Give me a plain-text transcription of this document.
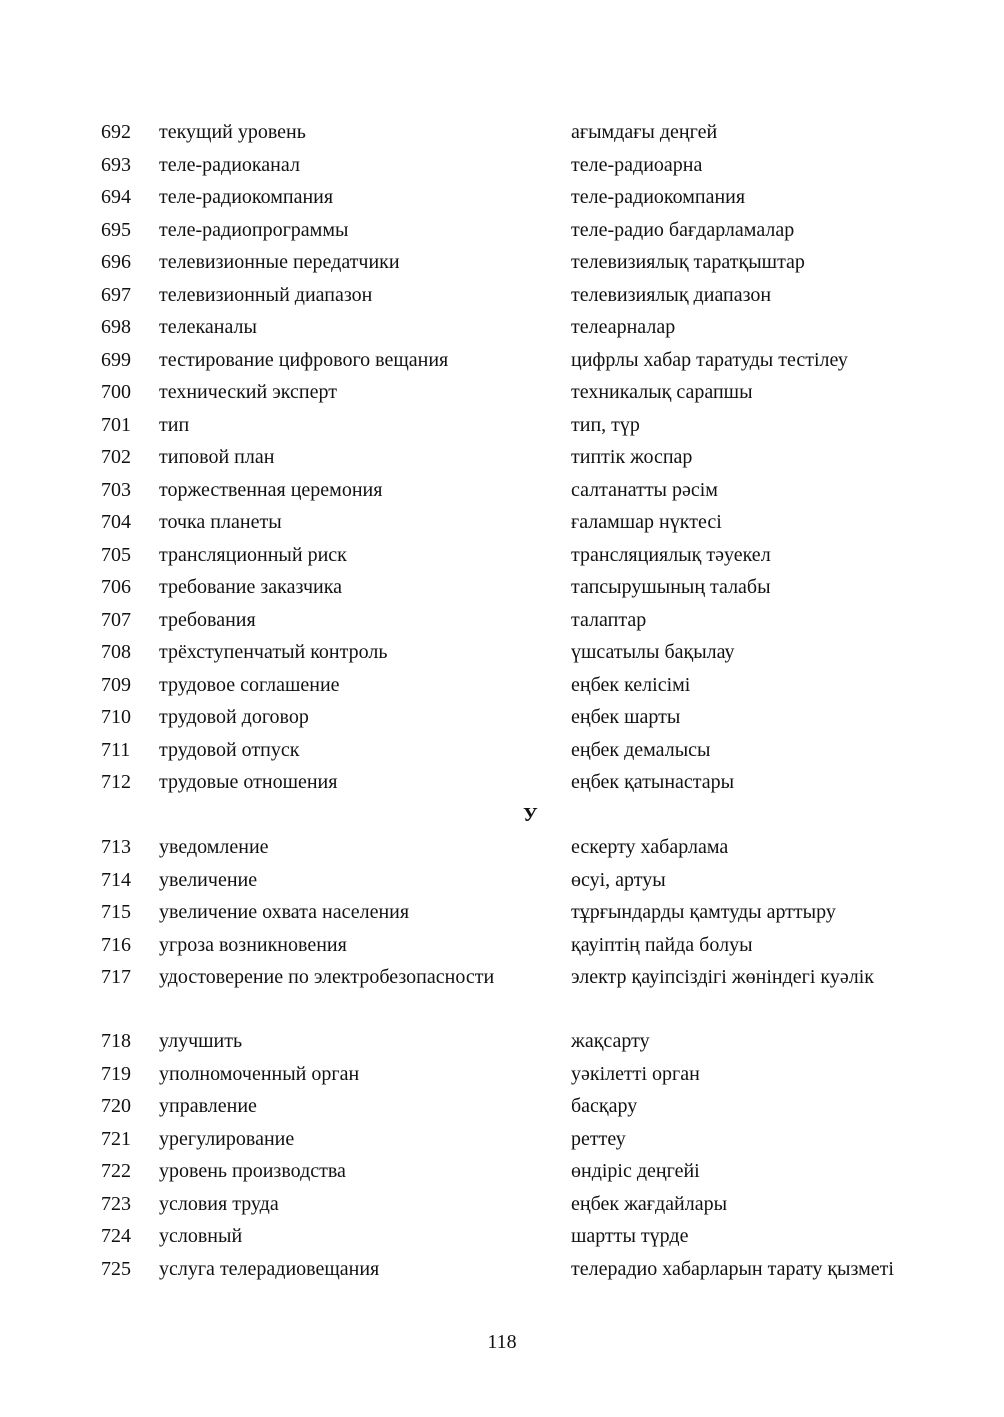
692 текущий уровень	ағымдағы деңгей
693 теле-радиоканал	теле-радиоарна
694 теле-радиокомпания	теле-радиокомпания
695 теле-радиопрограммы	теле-радио бағдарламалар
696 телевизионные передатчики	телевизиялық таратқыштар
697 телевизионный диапазон	телевизиялық диапазон
698 телеканалы	телеарналар
699 тестирование цифрового вещания	цифрлы хабар таратуды тестілеу
700 технический эксперт	техникалық сарапшы
701 тип	тип, түр
702 типовой план	типтік жоспар
703 торжественная церемония	салтанатты рәсім
704 точка планеты	ғаламшар нүктесі
705 трансляционный риск	трансляциялық тәуекел
706 требование заказчика	тапсырушының талабы
707 требования	талаптар
708 трёхступенчатый контроль	үшсатылы бақылау
709 трудовое соглашение	еңбек келісімі
710 трудовой договор	еңбек шарты
711 трудовой отпуск	еңбек демалысы
712 трудовые отношения	еңбек қатынастары
У
713 уведомление	ескерту хабарлама
714 увеличение	өсуі, артуы
715 увеличение охвата населения	тұрғындарды қамтуды арттыру
716 угроза возникновения	қауіптің пайда болуы
717 удостоверение по электробезопасности	электр қауіпсіздігі жөніндегі куәлік
718 улучшить	жақсарту
719 уполномоченный орган	уәкілетті орган
720 управление	басқару
721 урегулирование	реттеу
722 уровень производства	өндіріс деңгейі
723 условия труда	еңбек жағдайлары
724 условный	шартты түрде
725 услуга телерадиовещания	телерадио хабарларын тарату қызметі
118
